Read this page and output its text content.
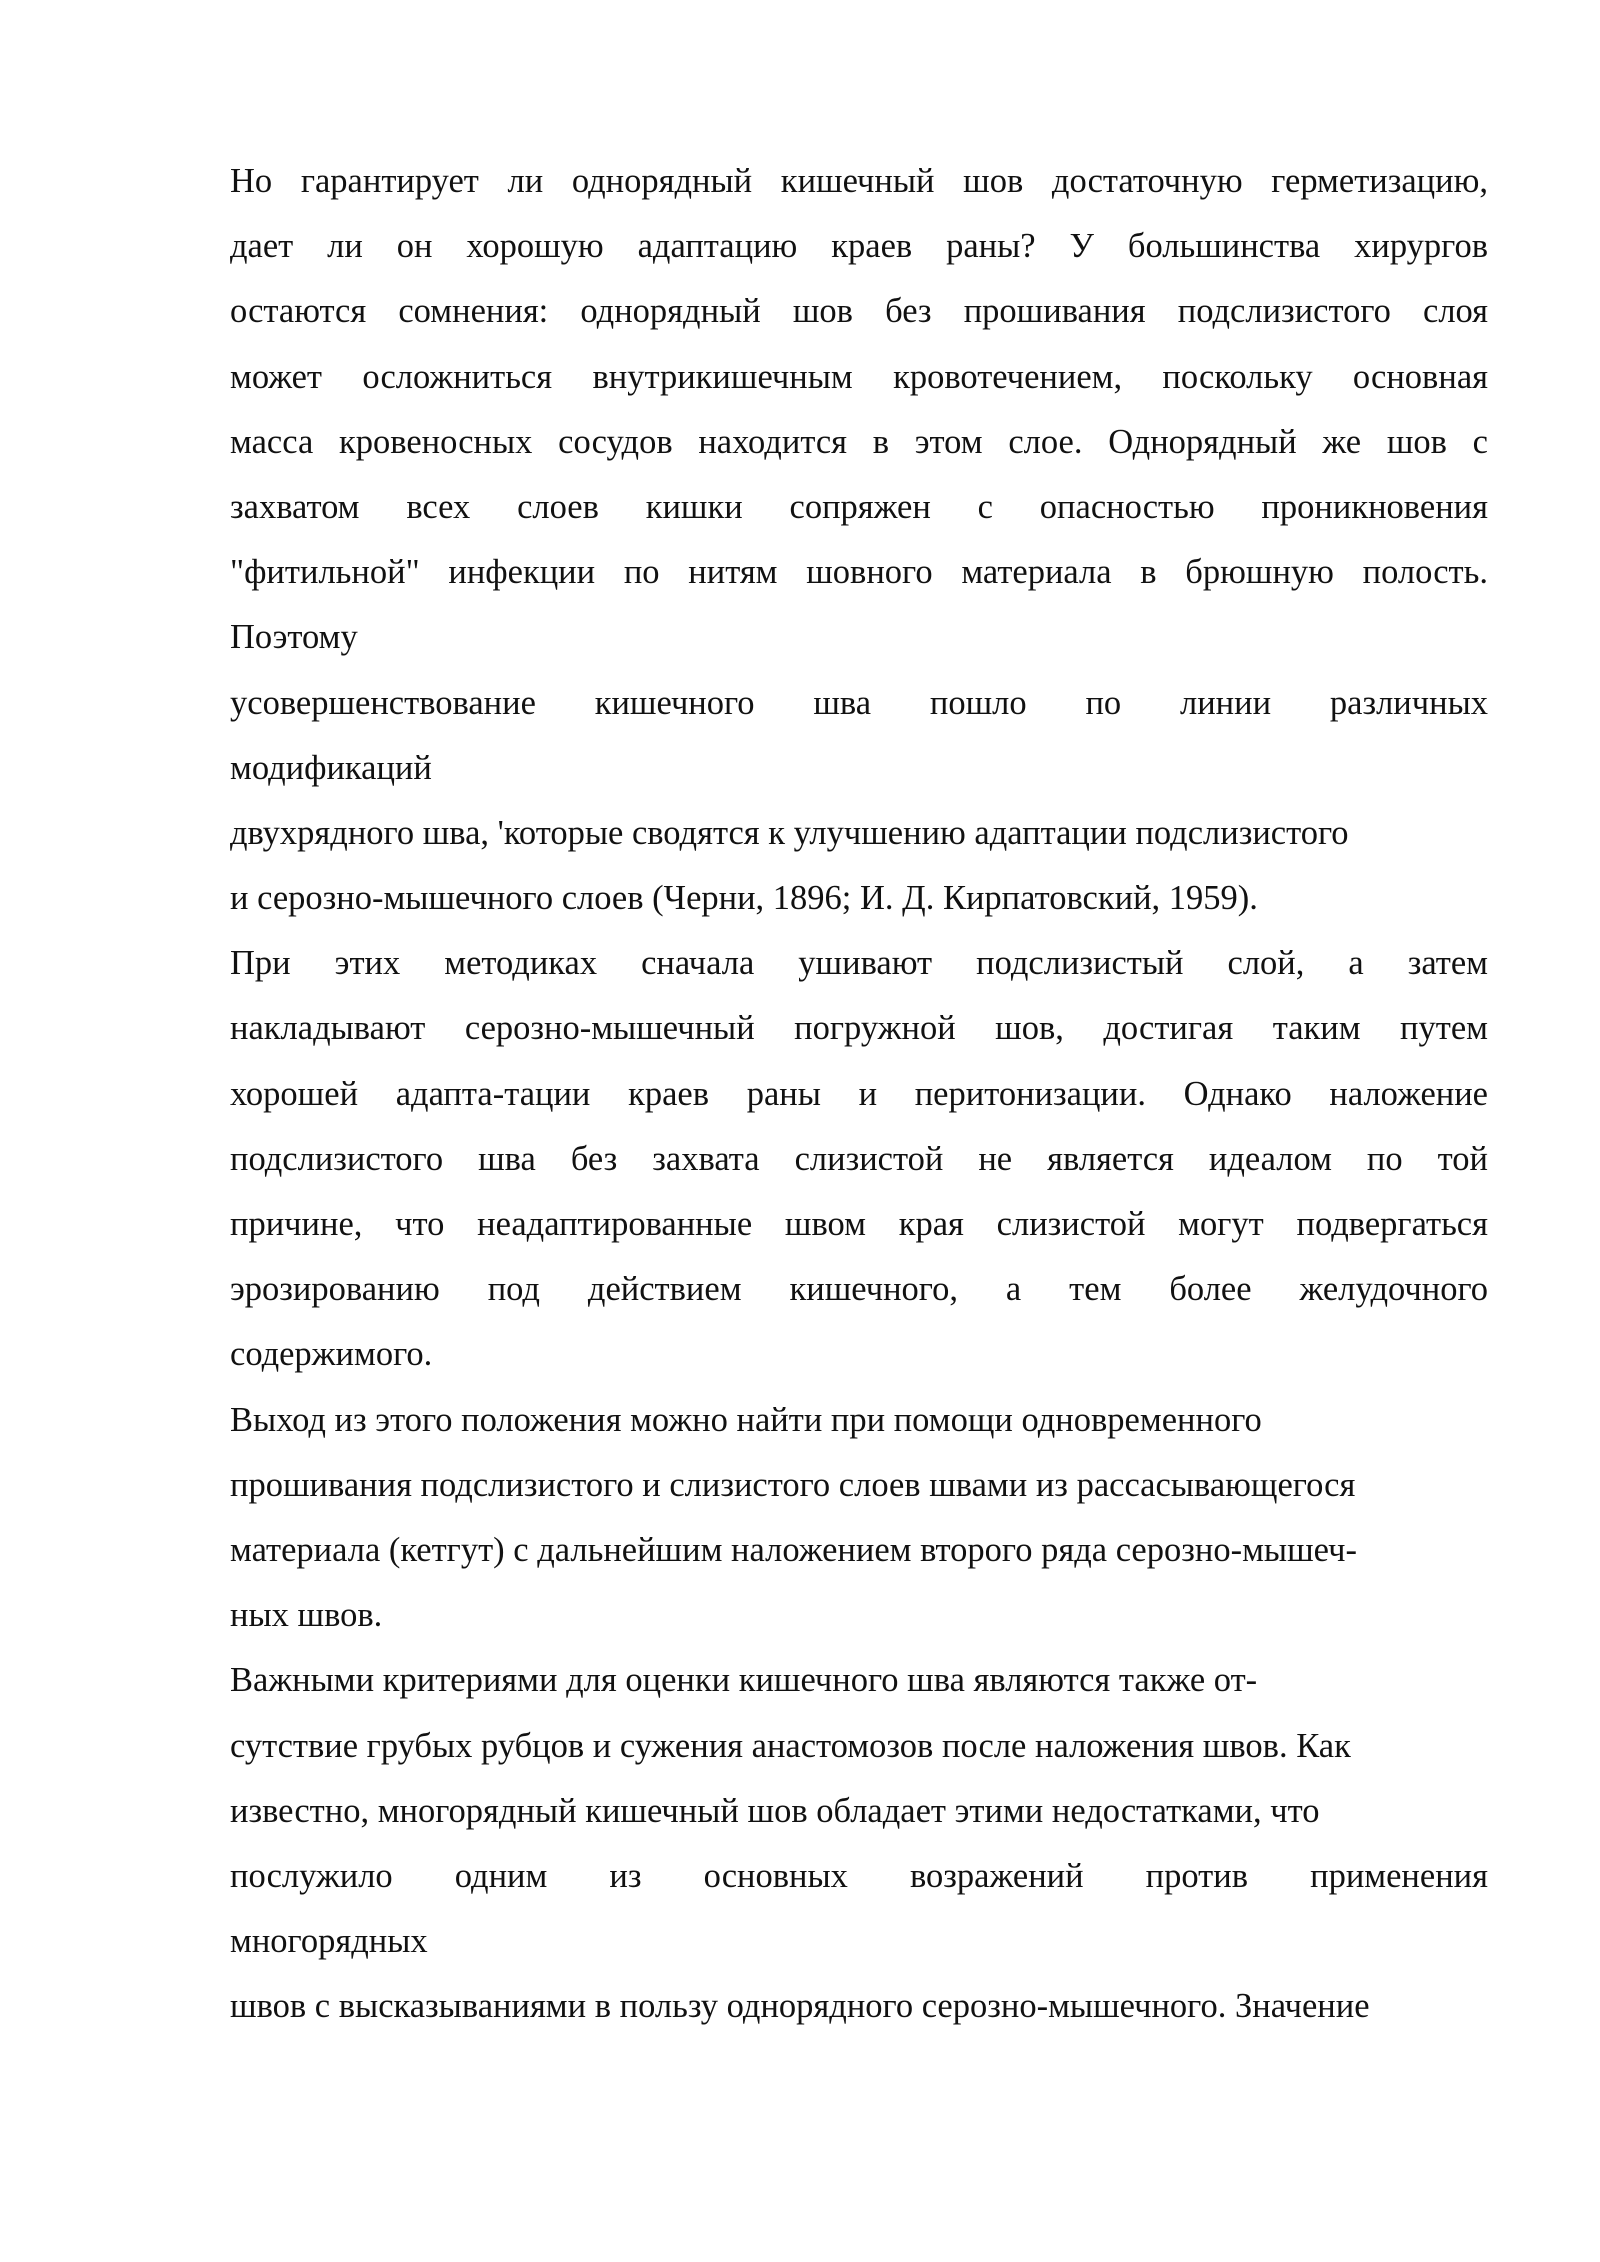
Но гарантирует ли однорядный кишечный шов достаточную герметизацию,
дает ли он хорошую адаптацию краев раны? У большинства хирургов
остаются сомнения: однорядный шов без прошивания подслизистого слоя
может осложниться внутрикишечным кровотечением, поскольку основная
масса кровеносных сосудов находится в этом слое. Однорядный же шов с
захватом всех слоев кишки сопряжен с опасностью проникновения
"фитильной" инфекции по нитям шовного материала в брюшную полость.
Поэтому
усовершенствование кишечного шва пошло по линии различных
модификаций
двухрядного шва, 'которые сводятся к улучшению адаптации подслизистого
и серозно-мышечного слоев (Черни, 1896; И. Д. Кирпатовский, 1959).
При этих методиках сначала ушивают подслизистый слой, а затем
накладывают серозно-мышечный погружной шов, достигая таким путем
хорошей адапта-тации краев раны и перитонизации. Однако наложение
подслизистого шва без захвата слизистой не является идеалом по той
причине, что неадаптированные швом края слизистой могут подвергаться
эрозированию под действием кишечного, а тем более желудочного
содержимого.
Выход из этого положения можно найти при помощи одновременного
прошивания подслизистого и слизистого слоев швами из рассасывающегося
материала (кетгут) с дальнейшим наложением второго ряда серозно-мышеч-
ных швов.
Важными критериями для оценки кишечного шва являются также от-
сутствие грубых рубцов и сужения анастомозов после наложения швов. Как
известно, многорядный кишечный шов обладает этими недостатками, что
послужило одним из основных возражений против применения
многорядных
швов с высказываниями в пользу однорядного серозно-мышечного. Значение
